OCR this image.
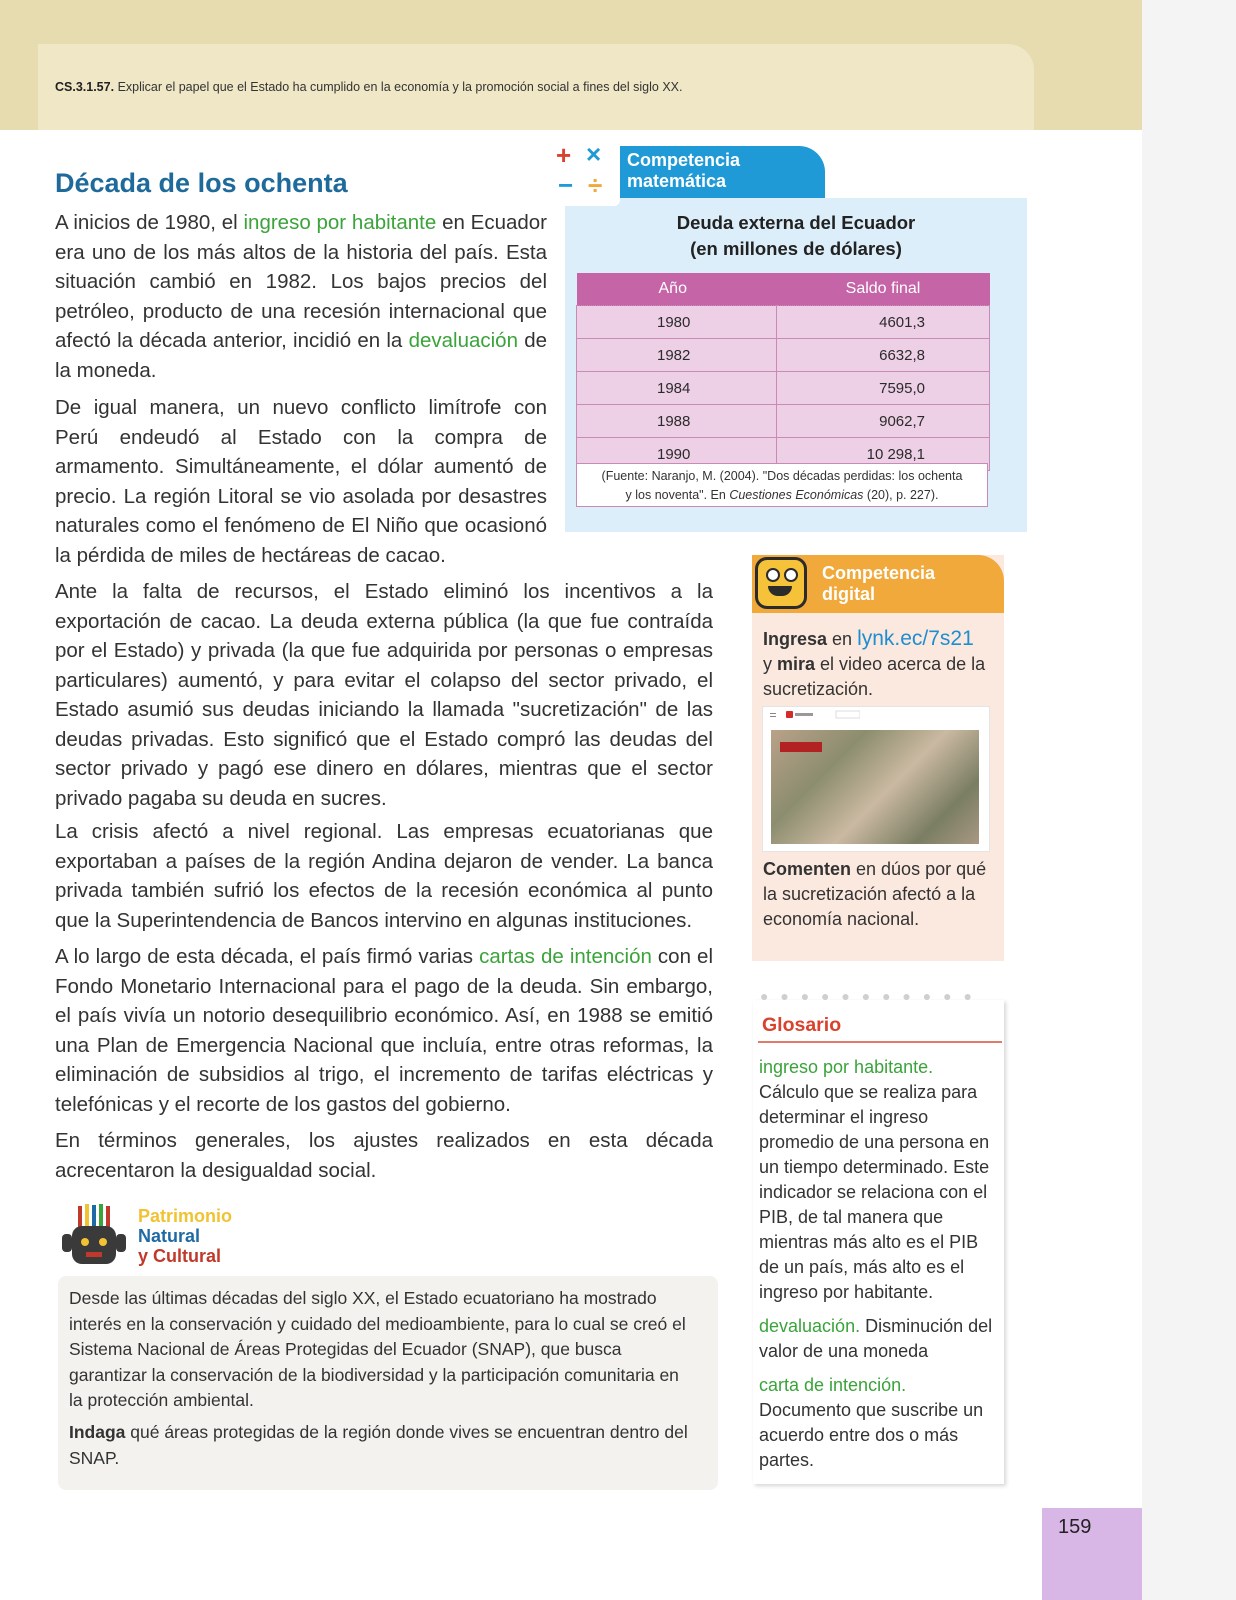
CS.3.1.57. Explicar el papel que el Estado ha cumplido en la economía y la promoción social a fines del siglo XX.
Década de los ochenta

A inicios de 1980, el ingreso por habitante en Ecuador era uno de los más altos de la historia del país. Esta situación cambió en 1982. Los bajos precios del petróleo, producto de una recesión internacional que afectó la década anterior, incidió en la devaluación de la moneda.

De igual manera, un nuevo conflicto limítrofe con Perú endeudó al Estado con la compra de armamento. Simultáneamente, el dólar aumentó de precio. La región Litoral se vio asolada por desastres naturales como el fenómeno de El Niño que ocasionó la pérdida de miles de hectáreas de cacao.

Ante la falta de recursos, el Estado eliminó los incentivos a la exportación de cacao. La deuda externa pública (la que fue contraída por el Estado) y privada (la que fue adquirida por personas o empresas particulares) aumentó, y para evitar el colapso del sector privado, el Estado asumió sus deudas iniciando la llamada "sucretización" de las deudas privadas. Esto significó que el Estado compró las deudas del sector privado y pagó ese dinero en dólares, mientras que el sector privado pagaba su deuda en sucres.

La crisis afectó a nivel regional. Las empresas ecuatorianas que exportaban a países de la región Andina dejaron de vender. La banca privada también sufrió los efectos de la recesión económica al punto que la Superintendencia de Bancos intervino en algunas instituciones.

A lo largo de esta década, el país firmó varias cartas de intención con el Fondo Monetario Internacional para el pago de la deuda. Sin embargo, el país vivía un notorio desequilibrio económico. Así, en 1988 se emitió una Plan de Emergencia Nacional que incluía, entre otras reformas, la eliminación de subsidios al trigo, el incremento de tarifas eléctricas y telefónicas y el recorte de los gastos del gobierno.

En términos generales, los ajustes realizados en esta década acrecentaron la desigualdad social.

+ ×
− ÷
Competencia
matemática
Deuda externa del Ecuador
(en millones de dólares)
Año	Saldo final
1980	4601,3
1982	6632,8
1984	7595,0
1988	9062,7
1990	10 298,1
(Fuente: Naranjo, M. (2004). "Dos décadas perdidas: los ochenta
y los noventa". En Cuestiones Económicas (20), p. 227).
Competencia
digital

Ingresa en lynk.ec/7s21
y mira el video acerca de la sucretización.

Comenten en dúos por qué la sucretización afectó a la economía nacional.

● ● ● ● ● ● ● ● ● ● ●
Glosario

ingreso por habitante. Cálculo que se realiza para determinar el ingreso promedio de una persona en un tiempo determinado. Este indicador se relaciona con el PIB, de tal manera que mientras más alto es el PIB de un país, más alto es el ingreso por habitante.

devaluación. Disminución del valor de una moneda

carta de intención. Documento que suscribe un acuerdo entre dos o más partes.

Patrimonio
Natural
y Cultural

Desde las últimas décadas del siglo XX, el Estado ecuatoriano ha mostrado interés en la conservación y cuidado del medioambiente, para lo cual se creó el Sistema Nacional de Áreas Protegidas del Ecuador (SNAP), que busca garantizar la conservación de la biodiversidad y la participación comunitaria en la protección ambiental.

Indaga qué áreas protegidas de la región donde vives se encuentran dentro del SNAP.

159
